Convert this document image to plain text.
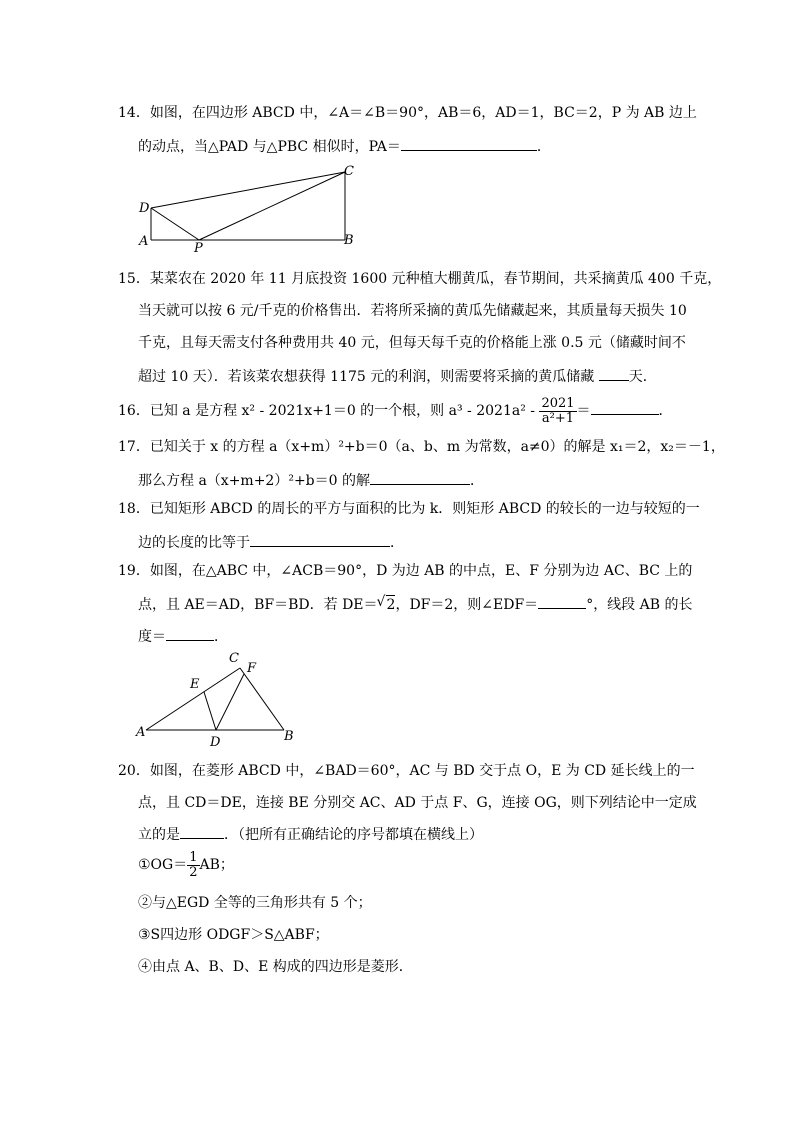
14．如图，在四边形 ABCD 中，∠A＝∠B＝90°，AB＝6，AD＝1，BC＝2，P 为 AB 边上
的动点，当△PAD 与△PBC 相似时，PA＝	．
D
A	P
B
C
15．某菜农在 2020 年 11 月底投资 1600 元种植大棚黄瓜，春节期间，共采摘黄瓜 400 千克，
当天就可以按 6 元/千克的价格售出．若将所采摘的黄瓜先储藏起来，其质量每天损失 10
千克，且每天需支付各种费用共 40 元，但每天每千克的价格能上涨 0.5 元（储藏时间不
超过 10 天）．若该菜农想获得 1175 元的利润，则需要将采摘的黄瓜储藏 天．
16．已知 a 是方程 x² - 2021x+1＝0 的一个根，则 $a^3 - 2021a^2 - \frac{2021}{\text{a²+1}}$ ＝	．
17．已知关于 x 的方程 a（x+m）²+b＝0（a、b、m 为常数，a≠0）的解是 x₁＝2，x₂＝－1，
那么方程 a（x+m+2）²+b＝0 的解	．
18．已知矩形 ABCD 的周长的平方与面积的比为 k．则矩形 ABCD 的较长的一边与较短的一
边的长度的比等于	．
19．如图，在△ABC 中，∠ACB＝90°，D 为边 AB 的中点，E、F 分别为边 AC、BC 上的
点，且 AE＝AD，BF＝BD．若 DE＝√ 2，DF＝2，则∠EDF＝	°，线段 AB 的长
度＝	．
A	B
C
D
E
F
20．如图，在菱形 ABCD 中，∠BAD＝60°，AC 与 BD 交于点 O，E 为 CD 延长线上的一
点，且 CD＝DE，连接 BE 分别交 AC、AD 于点 F、G，连接 OG，则下列结论中一定成
立的是	．（把所有正确结论的序号都填在横线上）
①OG＝ $\frac{1}{2}$ AB；
②与△EGD 全等的三角形共有 5 个；
③S四边形 ODGF＞S△ABF；
④由点 A、B、D、E 构成的四边形是菱形．
